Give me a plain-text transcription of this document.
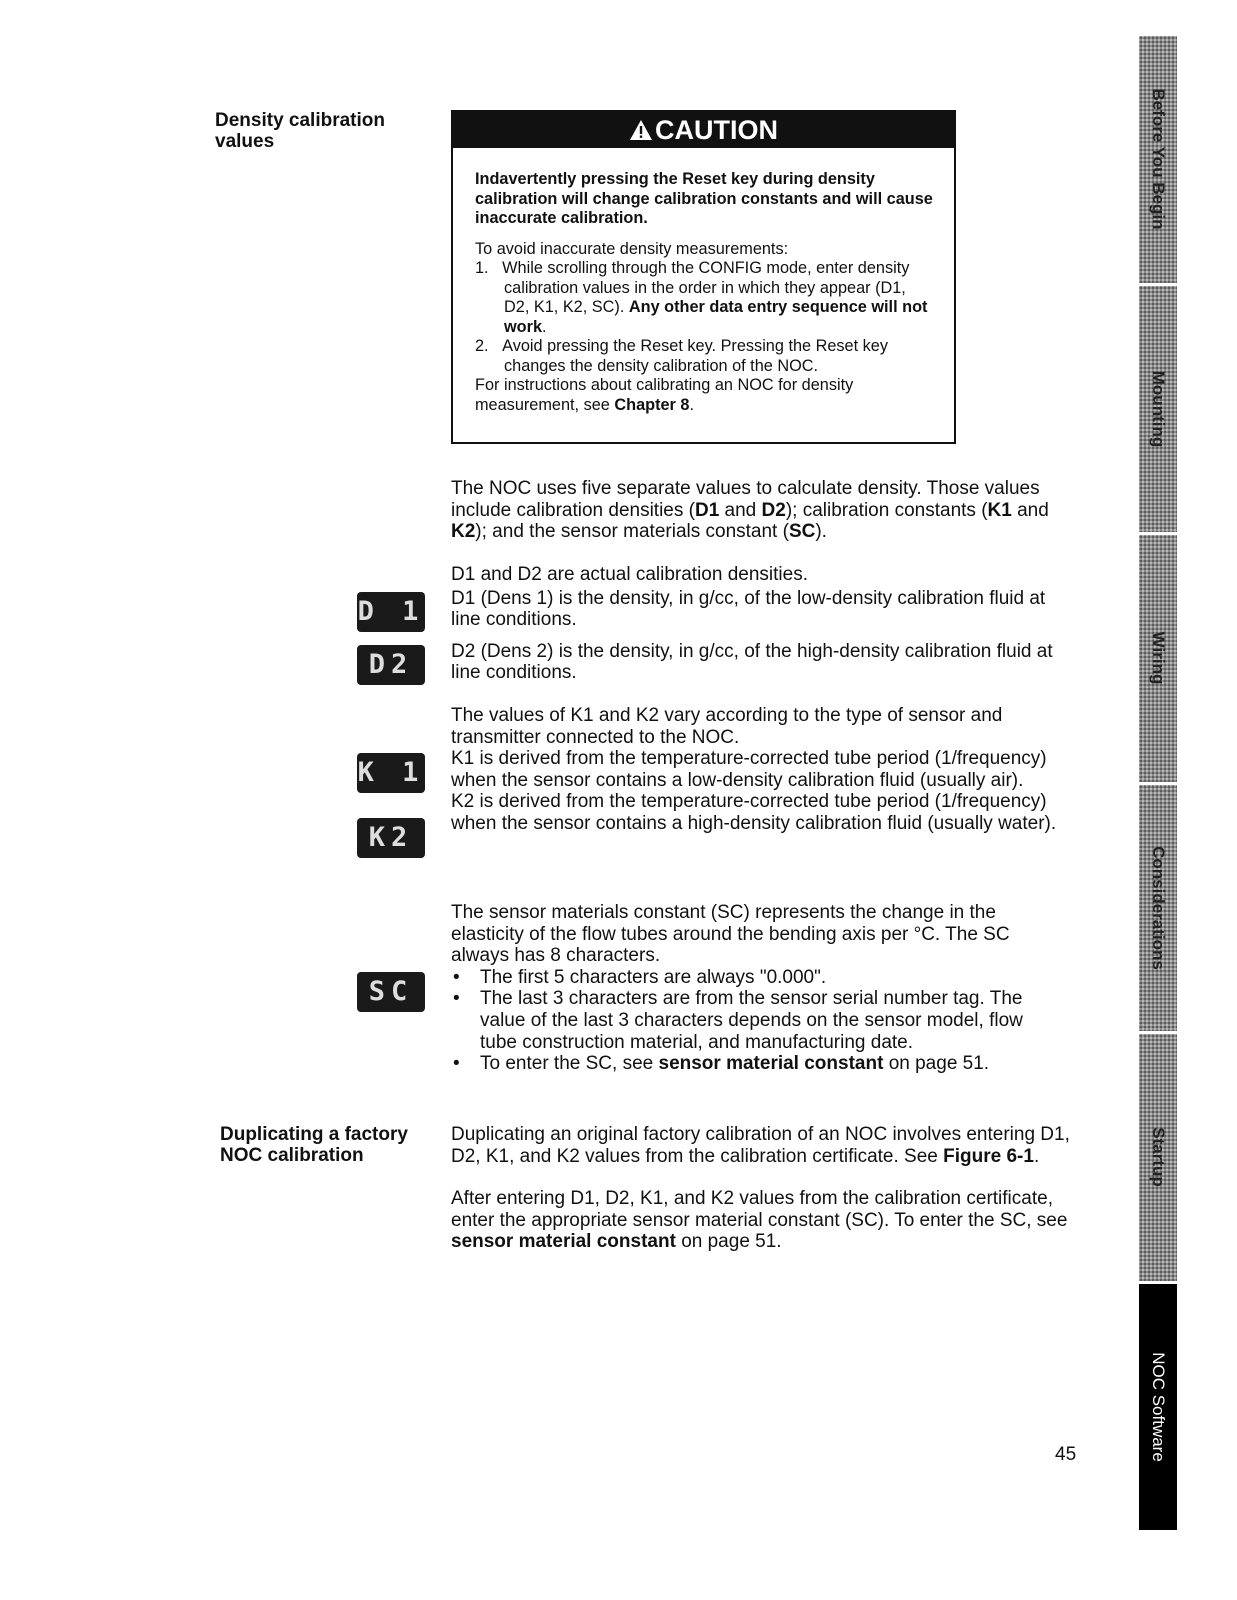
Density calibration
values
Duplicating a factory
NOC calibration
CAUTION

Indavertently pressing the Reset key during density calibration will change calibration constants and will cause inaccurate calibration.

To avoid inaccurate density measurements:

1. While scrolling through the CONFIG mode, enter density calibration values in the order in which they appear (D1, D2, K1, K2, SC). Any other data entry sequence will not work.
2. Avoid pressing the Reset key. Pressing the Reset key changes the density calibration of the NOC.

For instructions about calibrating an NOC for density measurement, see Chapter 8.

D 1
D2
K 1
K2
SC

The NOC uses five separate values to calculate density. Those values include calibration densities (D1 and D2); calibration constants (K1 and K2); and the sensor materials constant (SC).

D1 and D2 are actual calibration densities.

D1 (Dens 1) is the density, in g/cc, of the low-density calibration fluid at line conditions.

D2 (Dens 2) is the density, in g/cc, of the high-density calibration fluid at line conditions.

The values of K1 and K2 vary according to the type of sensor and transmitter connected to the NOC.

K1 is derived from the temperature-corrected tube period (1/frequency) when the sensor contains a low-density calibration fluid (usually air).

K2 is derived from the temperature-corrected tube period (1/frequency) when the sensor contains a high-density calibration fluid (usually water).

The sensor materials constant (SC) represents the change in the elasticity of the flow tubes around the bending axis per °C. The SC always has 8 characters.

• The first 5 characters are always "0.000".
• The last 3 characters are from the sensor serial number tag. The value of the last 3 characters depends on the sensor model, flow tube construction material, and manufacturing date.
• To enter the SC, see sensor material constant on page 51.

Duplicating an original factory calibration of an NOC involves entering D1, D2, K1, and K2 values from the calibration certificate. See Figure 6-1.

After entering D1, D2, K1, and K2 values from the calibration certificate, enter the appropriate sensor material constant (SC). To enter the SC, see sensor material constant on page 51.

45
Before You Begin
Mounting
Wiring
Considerations
Startup
NOC Software
